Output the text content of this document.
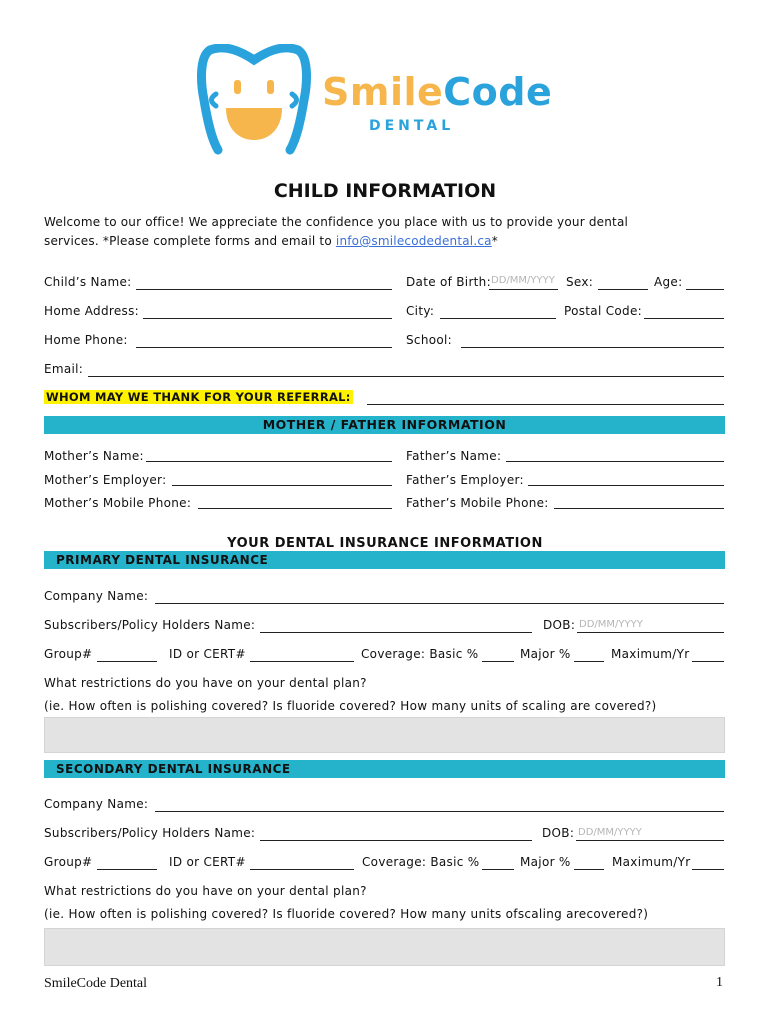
SmileCode
DENTAL
CHILD INFORMATION
Welcome to our office! We appreciate the confidence you place with us to provide your dental
services. *Please complete forms and email to info@smilecodedental.ca*
Child’s Name:	Date of Birth: DD/MM/YYYY Sex:	Age:
Home Address:	City:	Postal Code:
Home Phone:	School:
Email:
WHOM MAY WE THANK FOR YOUR REFERRAL:
MOTHER / FATHER INFORMATION
Mother’s Name:	Father’s Name:
Mother’s Employer:	Father’s Employer:
Mother’s Mobile Phone:	Father’s Mobile Phone:
YOUR DENTAL INSURANCE INFORMATION
PRIMARY DENTAL INSURANCE
Company Name:
Subscribers/Policy Holders Name:	DOB: DD/MM/YYYY
Group#	ID or CERT#	Coverage: Basic %	Major %	Maximum/Yr
What restrictions do you have on your dental plan?
(ie. How often is polishing covered? Is fluoride covered? How many units of scaling are covered?)
SECONDARY DENTAL INSURANCE
Company Name:
Subscribers/Policy Holders Name:	DOB: DD/MM/YYYY
Group#	ID or CERT#	Coverage: Basic %	Major %	Maximum/Yr
What restrictions do you have on your dental plan?
(ie. How often is polishing covered? Is fluoride covered? How many units ofscaling arecovered?)
SmileCode Dental	1
